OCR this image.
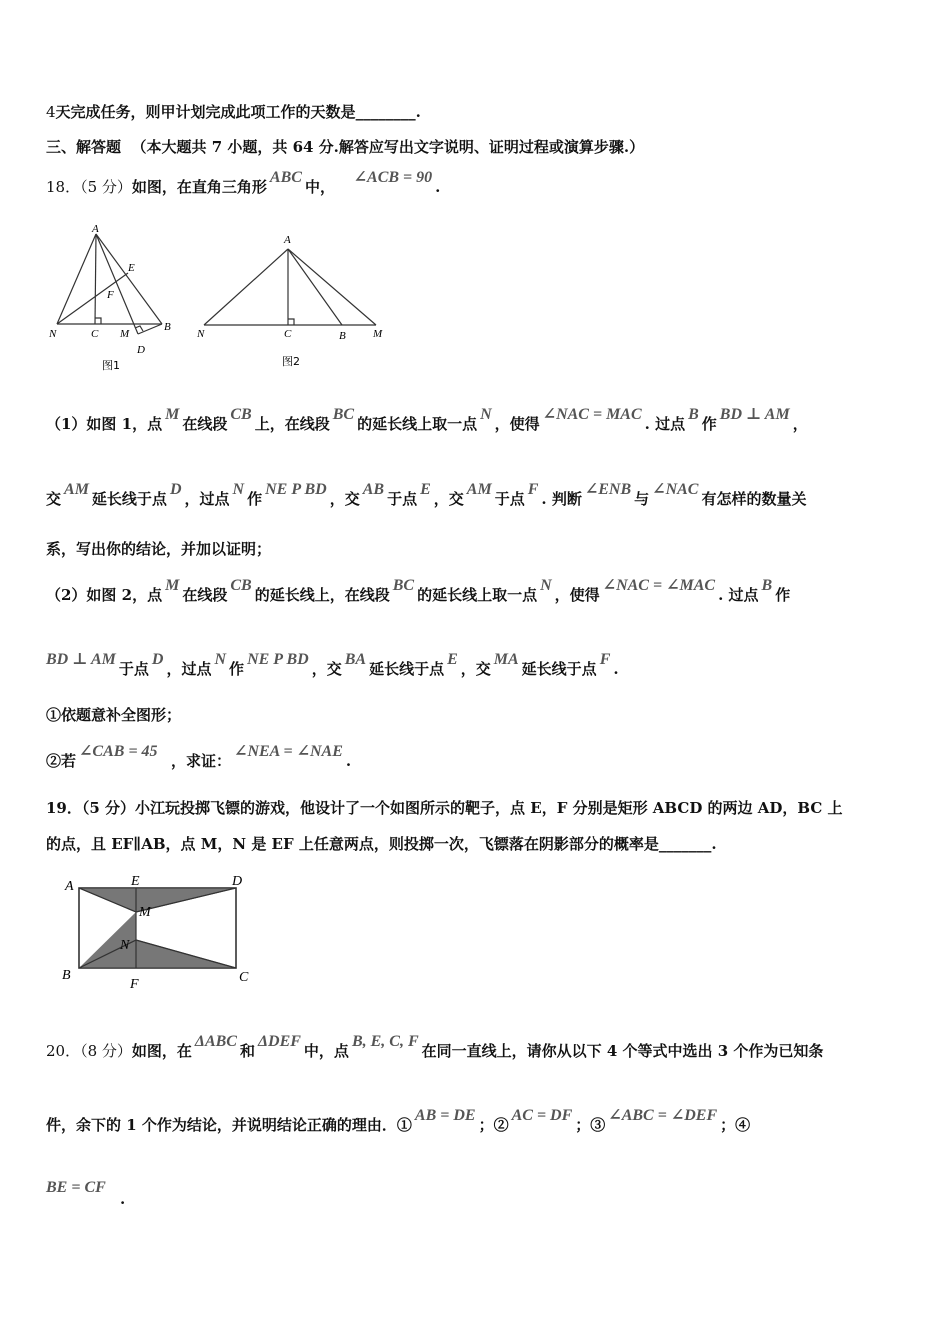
4天完成任务，则甲计划完成此项工作的天数是________.
三、解答题 （本大题共 7 小题，共 64 分.解答应写出文字说明、证明过程或演算步骤.）
18．（5 分）如图，在直角三角形ABC中，   ∠ACB = 90.
A
E
F
N	C M
B
D
图1
A
N	C	B M
图2
（1）如图 1，点M在线段CB上，在线段BC的延长线上取一点N，使得∠NAC = MAC. 过点B作BD ⊥ AM，
交AM延长线于点D，过点N作NE P BD，交AB于点E，交AM于点F. 判断∠ENB与∠NAC有怎样的数量关
系，写出你的结论，并加以证明；
（2）如图 2，点M在线段CB的延长线上，在线段BC的延长线上取一点N，使得∠NAC = ∠MAC. 过点B作
BD ⊥ AM于点D，过点N作NE P BD，交BA延长线于点E，交MA延长线于点F.
①依题意补全图形；
②若∠CAB = 45  ，求证：∠NEA = ∠NAE.
19．（5 分）小江玩投掷飞镖的游戏，他设计了一个如图所示的靶子，点 E，F 分别是矩形 ABCD 的两边 AD，BC 上
的点，且 EF∥AB，点 M，N 是 EF 上任意两点，则投掷一次，飞镖落在阴影部分的概率是_______.
A	E	D
M
N
B
F	C
20．（8 分）如图，在ΔABC和ΔDEF中，点B, E, C, F在同一直线上，请你从以下 4 个等式中选出 3 个作为已知条
件，余下的 1 个作为结论，并说明结论正确的理由．①AB = DE；②AC = DF；③∠ABC = ∠DEF；④
BE = CF
.
